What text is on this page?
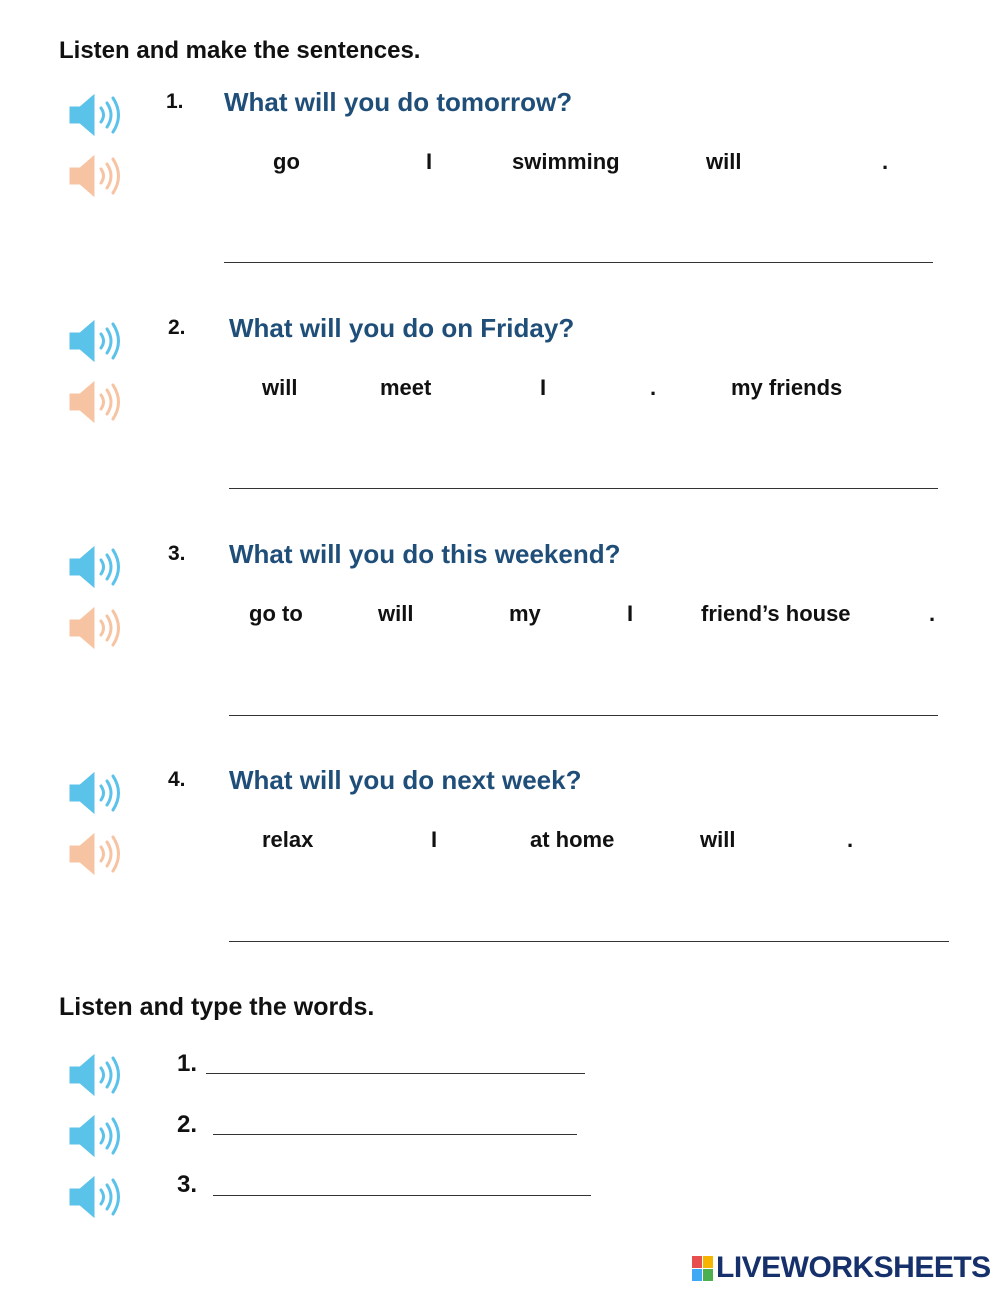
Listen and make the sentences.
1. What will you do tomorrow?
go	I	swimming	will	.
2. What will you do on Friday?
will	meet	I	.	my friends
3. What will you do this weekend?
go to	will	my	I	friend’s house	.
4. What will you do next week?
relax	I	at home	will	.
Listen and type the words.
1.
2.
3.
LIVEWORKSHEETS
